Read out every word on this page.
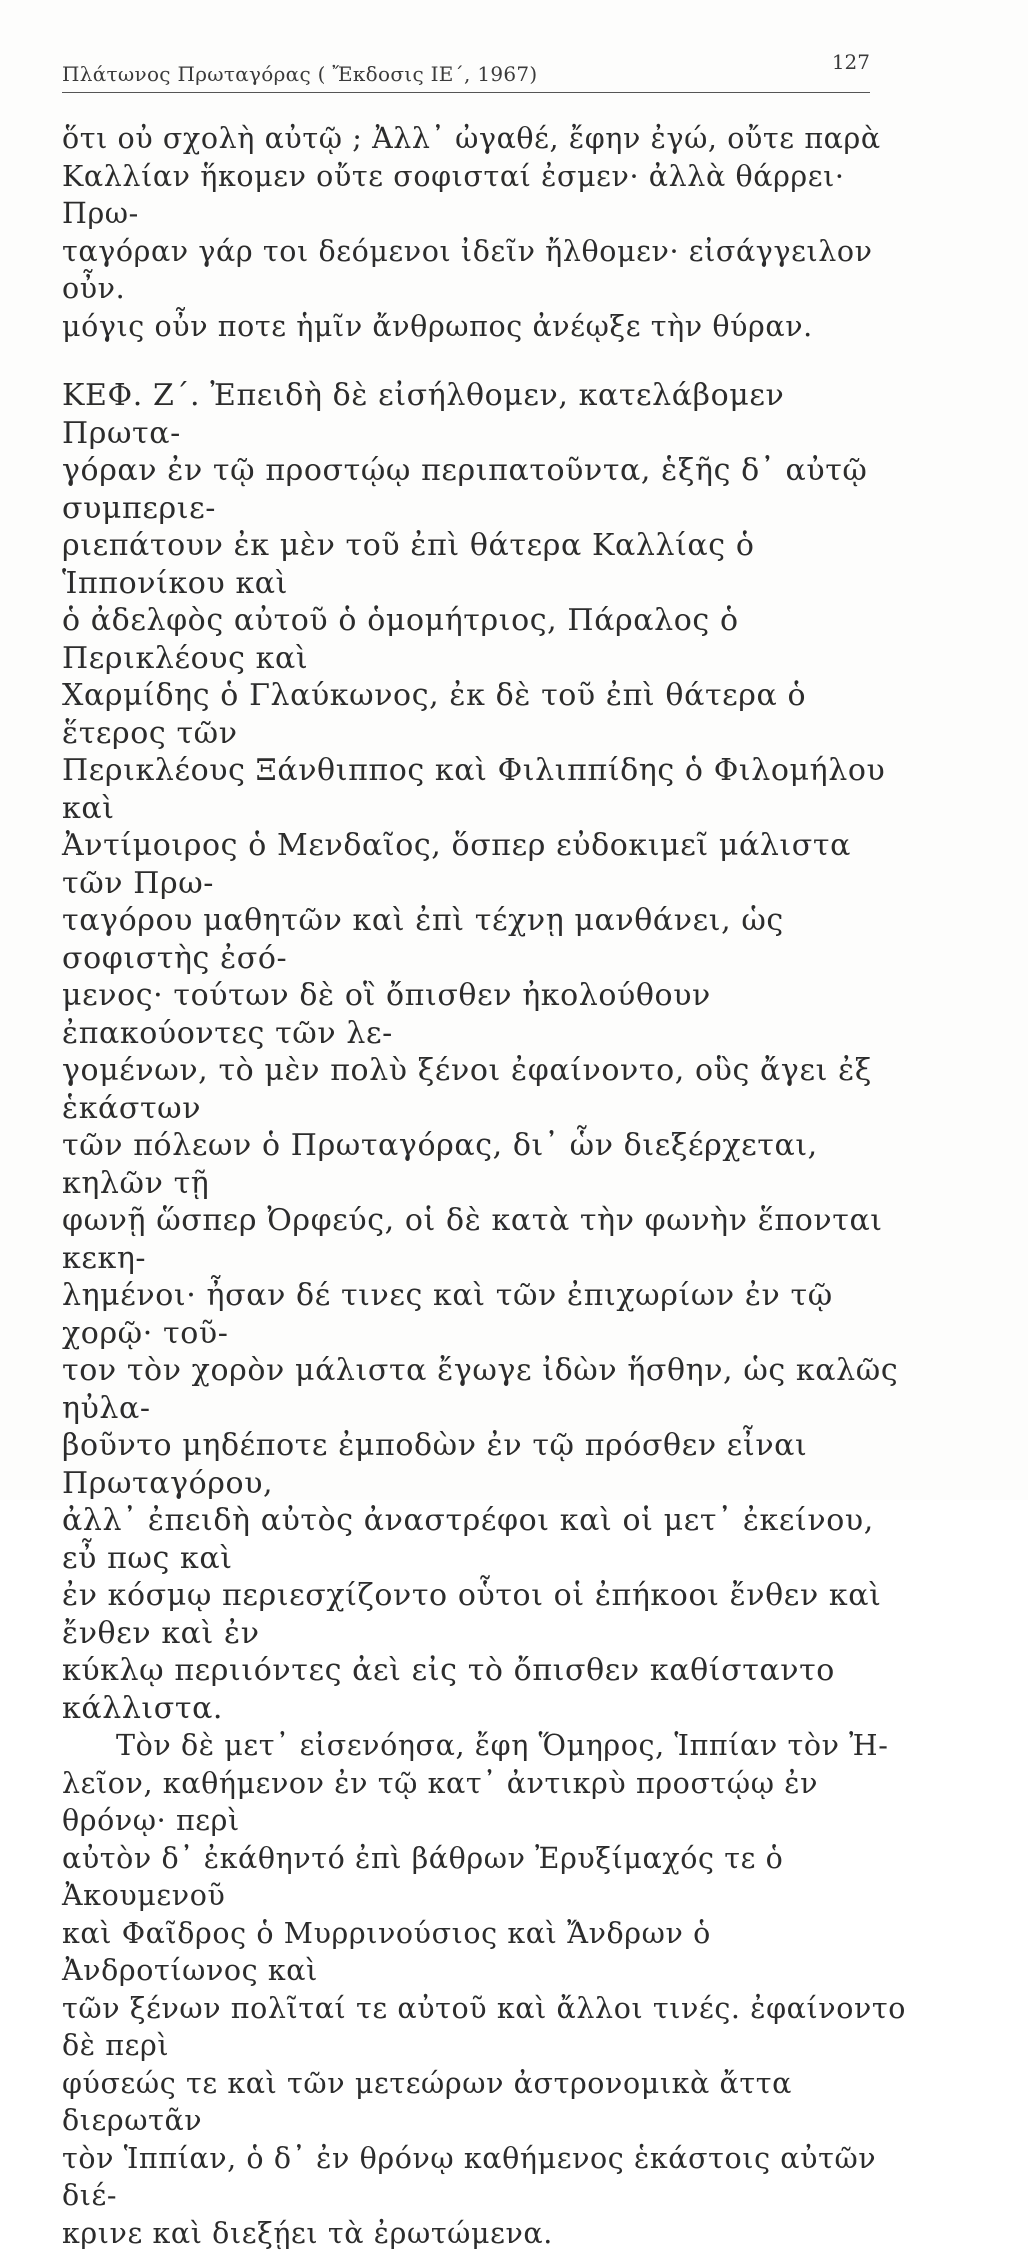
Πλάτωνος Πρωταγόρας ( Ἔκδοσις ΙΕ΄, 1967)	127

ὅτι οὐ σχολὴ αὐτῷ ; Ἀλλ᾽ ὠγαθέ, ἔφην ἐγώ, οὔτε παρὰ
Καλλίαν ἥκομεν οὔτε σοφισταί ἐσμεν· ἀλλὰ θάρρει· Πρω-
ταγόραν γάρ τοι δεόμενοι ἰδεῖν ἤλθομεν· εἰσάγγειλον οὖν.
μόγις οὖν ποτε ἡμῖν ἄνθρωπος ἀνέῳξε τὴν θύραν.

ΚΕΦ. Ζ΄. Ἐπειδὴ δὲ εἰσήλθομεν, κατελάβομεν Πρωτα-
γόραν ἐν τῷ προστῴῳ περιπατοῦντα, ἑξῆς δ᾽ αὐτῷ συμπεριε-
ριεπάτουν ἐκ μὲν τοῦ ἐπὶ θάτερα Καλλίας ὁ Ἱππονίκου καὶ
ὁ ἀδελφὸς αὐτοῦ ὁ ὁμομήτριος, Πάραλος ὁ Περικλέους καὶ
Χαρμίδης ὁ Γλαύκωνος, ἐκ δὲ τοῦ ἐπὶ θάτερα ὁ ἕτερος τῶν
Περικλέους Ξάνθιππος καὶ Φιλιππίδης ὁ Φιλομήλου καὶ
Ἀντίμοιρος ὁ Μενδαῖος, ὅσπερ εὐδοκιμεῖ μάλιστα τῶν Πρω-
ταγόρου μαθητῶν καὶ ἐπὶ τέχνῃ μανθάνει, ὡς σοφιστὴς ἐσό-
μενος· τούτων δὲ οἳ ὄπισθεν ἠκολούθουν ἐπακούοντες τῶν λε-
γομένων, τὸ μὲν πολὺ ξένοι ἐφαίνοντο, οὓς ἄγει ἐξ ἑκάστων
τῶν πόλεων ὁ Πρωταγόρας, δι᾽ ὧν διεξέρχεται, κηλῶν τῇ
φωνῇ ὥσπερ Ὀρφεύς, οἱ δὲ κατὰ τὴν φωνὴν ἕπονται κεκη-
λημένοι· ἦσαν δέ τινες καὶ τῶν ἐπιχωρίων ἐν τῷ χορῷ· τοῦ-
τον τὸν χορὸν μάλιστα ἔγωγε ἰδὼν ἥσθην, ὡς καλῶς ηὐλα-
βοῦντο μηδέποτε ἐμποδὼν ἐν τῷ πρόσθεν εἶναι Πρωταγόρου,
ἀλλ᾽ ἐπειδὴ αὐτὸς ἀναστρέφοι καὶ οἱ μετ᾽ ἐκείνου, εὖ πως καὶ
ἐν κόσμῳ περιεσχίζοντο οὗτοι οἱ ἐπήκοοι ἔνθεν καὶ ἔνθεν καὶ ἐν
κύκλῳ περιιόντες ἀεὶ εἰς τὸ ὄπισθεν καθίσταντο κάλλιστα.

Τὸν δὲ μετ᾽ εἰσενόησα, ἔφη Ὅμηρος, Ἱππίαν τὸν Ἠ-
λεῖον, καθήμενον ἐν τῷ κατ᾽ ἀντικρὺ προστῴῳ ἐν θρόνῳ· περὶ
αὐτὸν δ᾽ ἐκάθηντό ἐπὶ βάθρων Ἐρυξίμαχός τε ὁ Ἀκουμενοῦ
καὶ Φαῖδρος ὁ Μυρρινούσιος καὶ Ἄνδρων ὁ Ἀνδροτίωνος καὶ
τῶν ξένων πολῖταί τε αὐτοῦ καὶ ἄλλοι τινές. ἐφαίνοντο δὲ περὶ
φύσεώς τε καὶ τῶν μετεώρων ἀστρονομικὰ ἄττα διερωτᾶν
τὸν Ἱππίαν, ὁ δ᾽ ἐν θρόνῳ καθήμενος ἑκάστοις αὐτῶν διέ-
κρινε καὶ διεξῄει τὰ ἐρωτώμενα.
